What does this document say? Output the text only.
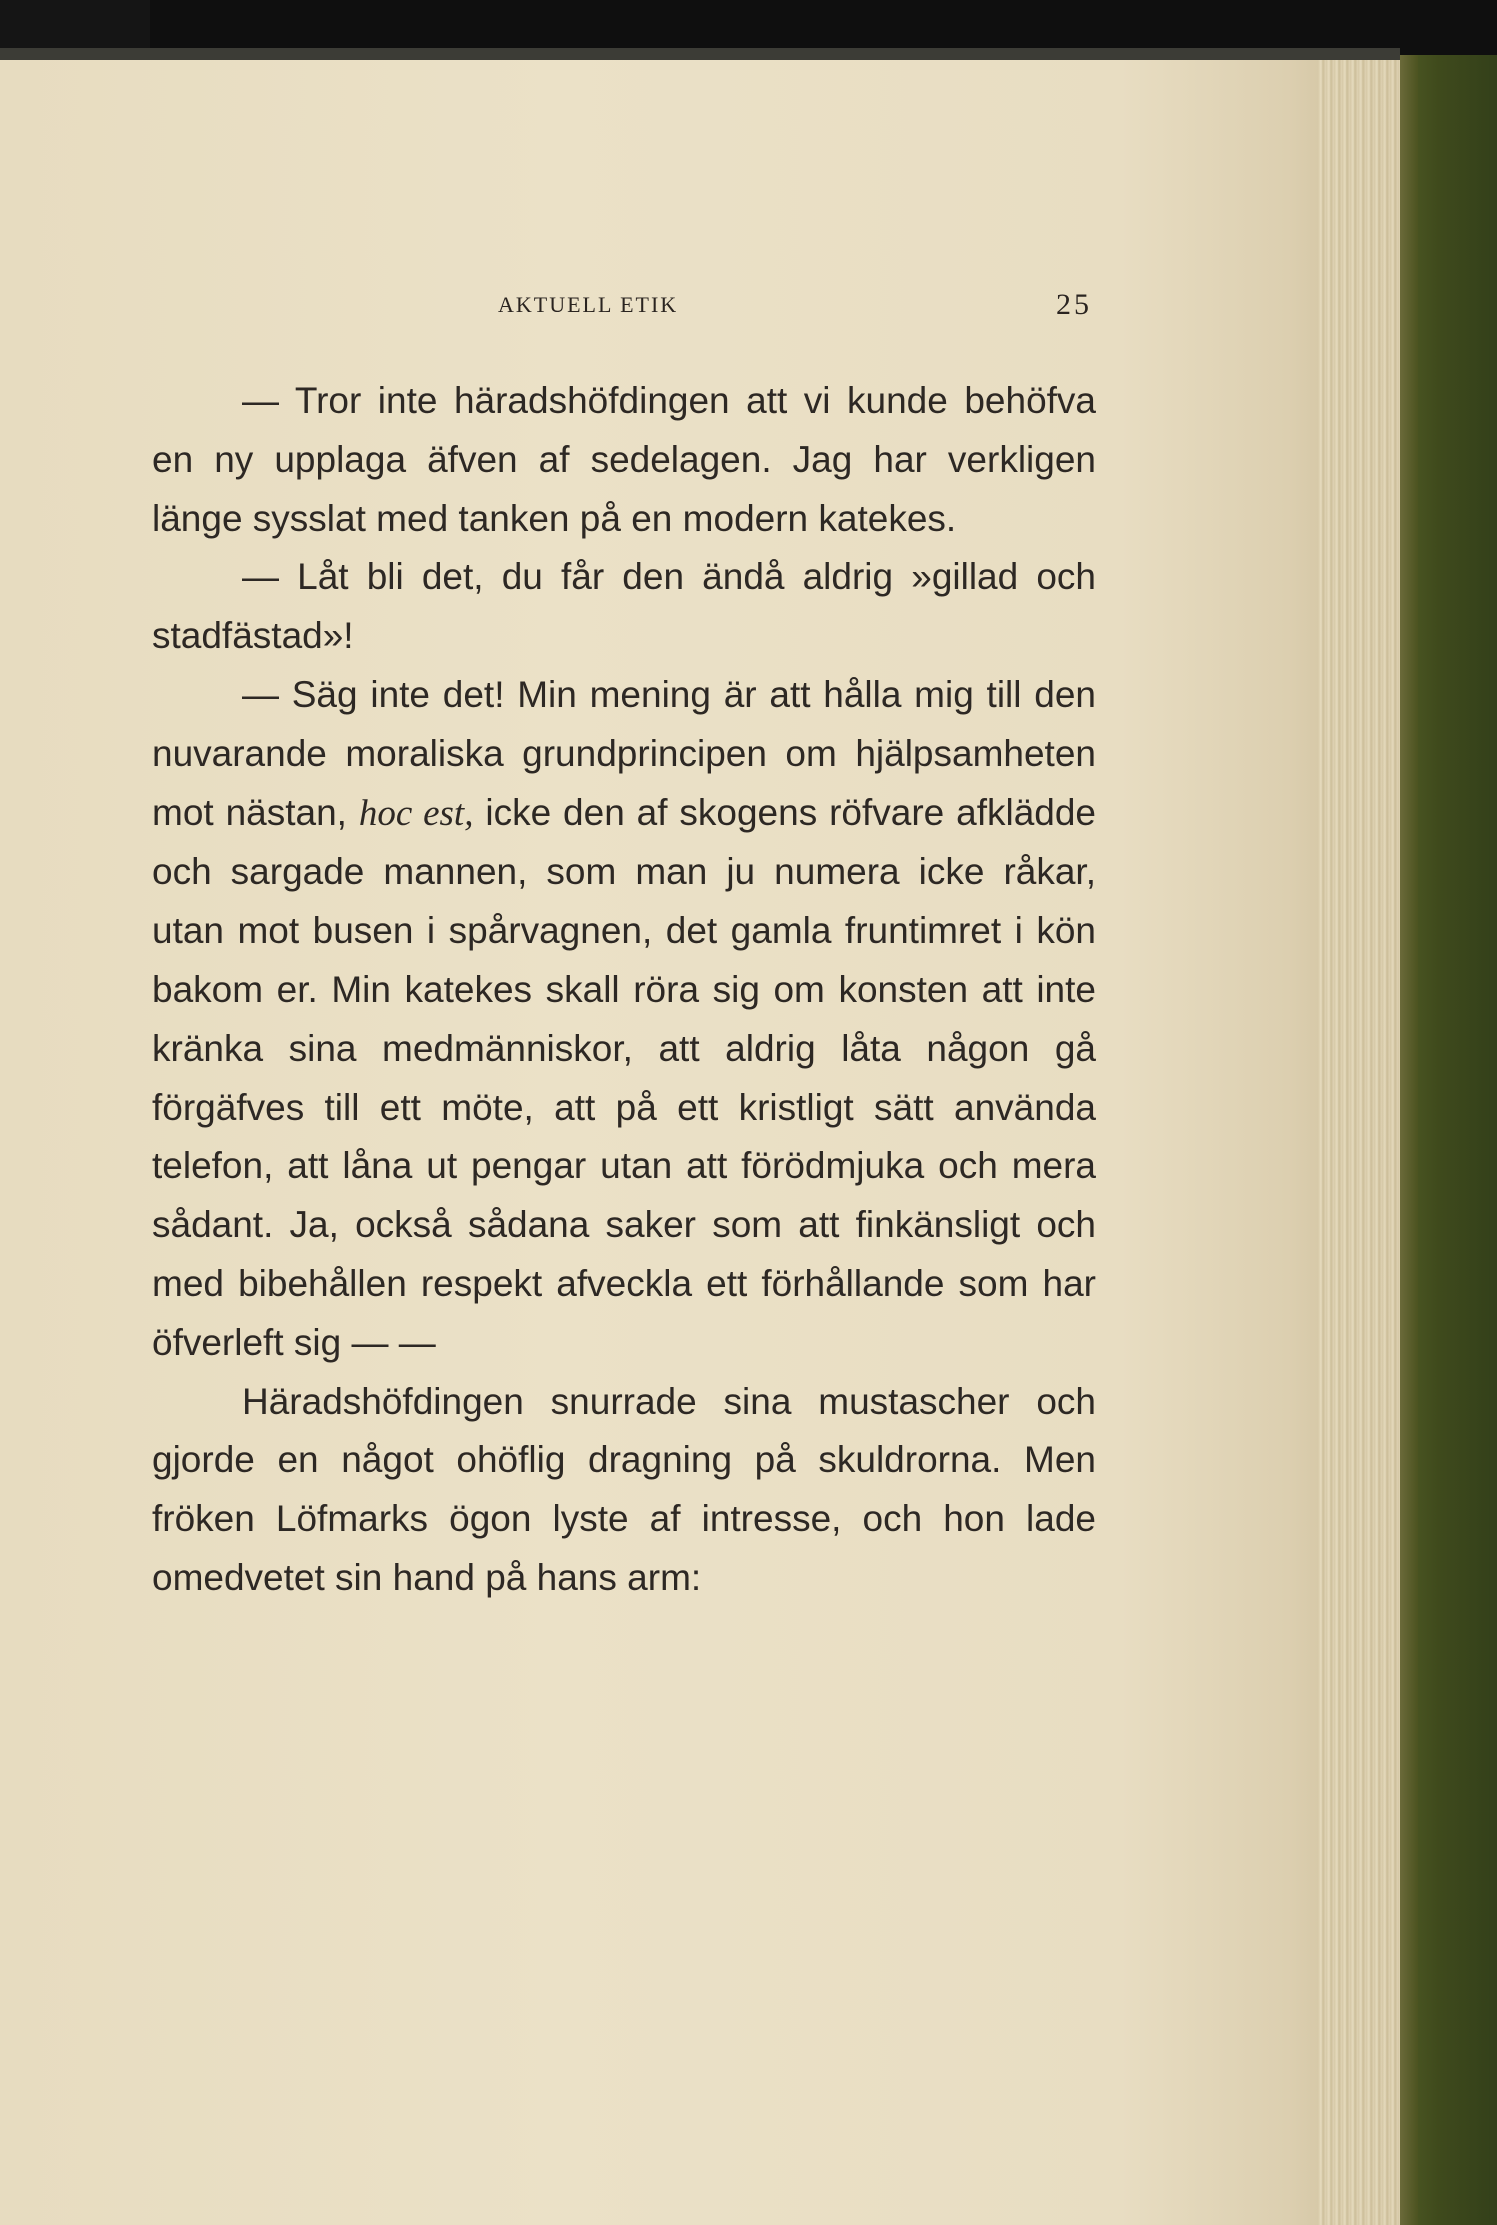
AKTUELL ETIK	25

— Tror inte häradshöfdingen att vi kunde behöfva en ny upplaga äfven af sedelagen. Jag har verkligen länge sysslat med tanken på en modern katekes.

— Låt bli det, du får den ändå aldrig »gillad och stadfästad»!

— Säg inte det! Min mening är att hålla mig till den nuvarande moraliska grundprincipen om hjälpsamheten mot nästan, hoc est, icke den af skogens röfvare afklädde och sargade mannen, som man ju numera icke råkar, utan mot busen i spårvagnen, det gamla fruntimret i kön bakom er. Min katekes skall röra sig om konsten att inte kränka sina medmänniskor, att aldrig låta någon gå förgäfves till ett möte, att på ett kristligt sätt använda telefon, att låna ut pengar utan att förödmjuka och mera sådant. Ja, också sådana saker som att finkänsligt och med bibehållen respekt afveckla ett förhållande som har öfverleft sig — —

Häradshöfdingen snurrade sina mustascher och gjorde en något ohöflig dragning på skuldrorna. Men fröken Löfmarks ögon lyste af intresse, och hon lade omedvetet sin hand på hans arm:
